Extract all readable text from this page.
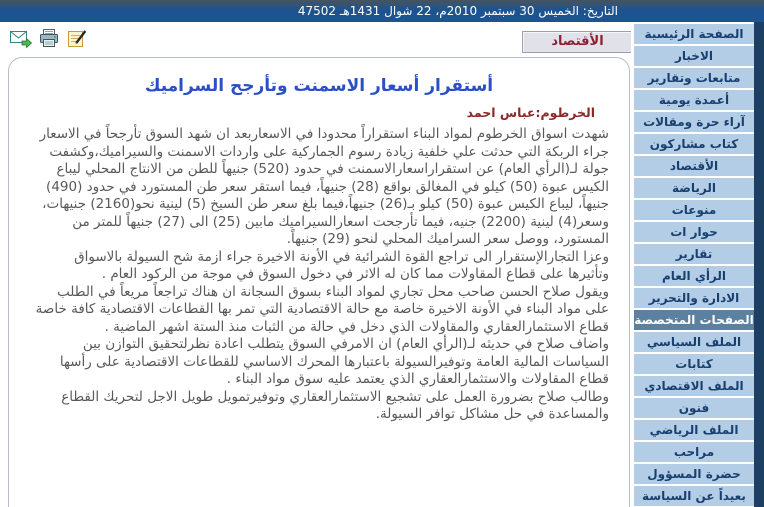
التاريخ: الخميس 30 سبتمبر 2010م، 22 شوال 1431هـ 47502
الأقتصاد
أستقرار أسعار الاسمنت وتأرجح السراميك
الخرطوم:عباس احمد

شهدت اسواق الخرطوم لمواد البناء استقراراً محدودا في الاسعاربعد ان شهد السوق تأرجحاً في الاسعار جراء الربكة التي حدثت علي خلفية زيادة رسوم الجماركية على واردات الاسمنت والسيراميك،وكشفت جولة لـ(الرأي العام) عن استقراراسعارالاسمنت في حدود (520) جنيهاً للطن من الانتاج المحلي ليباع الكيس عبوة (50) كيلو في المغالق بواقع (28) جنيهاً، فيما استقر سعر طن المستورد في حدود (490) جنيهاً، ليباع الكيس عبوة (50) كيلو بـ(26) جنيهاً،فيما بلغ سعر طن السيخ (5) لينية نحو(2160) جنيهات، وسعر(4) لينية (2200) جنيه، فيما تأرجحت اسعارالسيراميك مابين (25) الى (27) جنيهاً للمتر من المستورد، ووصل سعر السراميك المحلي لنحو (29) جنيهاً.

وعزا التجارالإستقرار الى تراجع القوة الشرائية في الأونة الاخيرة جراء ازمة شح السيولة بالاسواق وتأثيرها على قطاع المقاولات مما كان له الاثر في دخول السوق في موجة من الركود العام .

ويقول صلاح الحسن صاحب محل تجاري لمواد البناء بسوق السجانة ان هناك تراجعاً مريعاً في الطلب على مواد البناء في الأونة الاخيرة خاصة مع حالة الاقتصادية التي تمر بها القطاعات الاقتصادية كافة خاصة قطاع الاستثمارالعقاري والمقاولات الذي دخل في حالة من الثبات منذ الستة اشهر الماضية .

واضاف صلاح في حديثه لـ(الرأي العام) ان الامرفي السوق يتطلب اعادة نظرلتحقيق التوازن بين السياسات المالية العامة وتوفيرالسيولة باعتبارها المحرك الاساسي للقطاعات الاقتصادية على رأسها قطاع المقاولات والاستثمارالعقاري الذي يعتمد عليه سوق مواد البناء .

وطالب صلاح بضرورة العمل على تشجيع الاستثمارالعقاري وتوفيرتمويل طويل الاجل لتحريك القطاع والمساعدة في حل مشاكل توافر السيولة.

الصفحة الرئيسية
الاخبار
متابعات وتقارير
أعمدة يومية
آراء حرة ومقالات
كتاب مشاركون
الأقتصاد
الرياضة
منوعات
حوار ات
تقارير
الرأي العام
الادارة والتحرير
الصفحات المتخصصة
الملف السياسي
كتابات
الملف الاقتصادي
فنون
الملف الرياضي
مراحب
حضرة المسؤول
بعيداً عن السياسة
